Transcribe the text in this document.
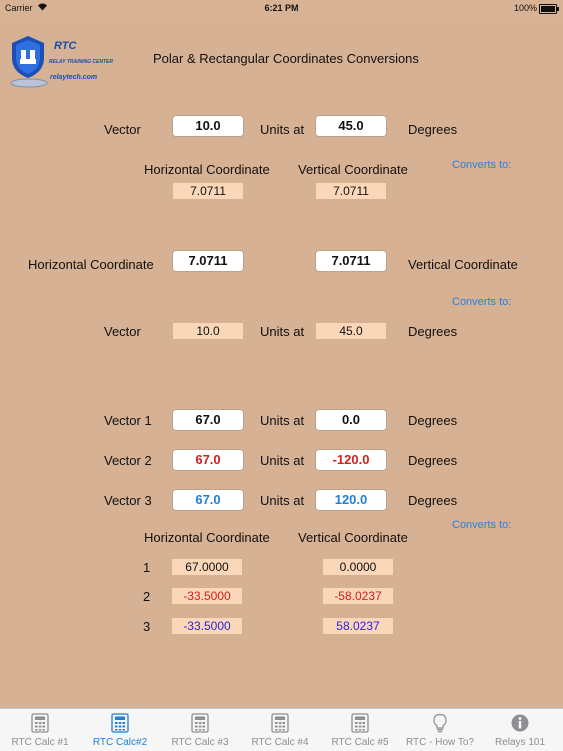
Carrier	6:21 PM	100%
RTC
RELAY TRAINING CENTER
relaytech.com
Polar & Rectangular Coordinates Conversions
Vector	10.0	Units at	45.0	Degrees
Converts to:
Horizontal Coordinate Vertical Coordinate
7.0711	7.0711
Horizontal Coordinate	7.0711	7.0711	Vertical Coordinate
Converts to:
Vector	10.0	Units at	45.0	Degrees
Vector 1	67.0	Units at	0.0	Degrees
Vector 2	67.0	Units at	-120.0	Degrees
Vector 3	67.0	Units at	120.0	Degrees
Converts to:
Horizontal Coordinate Vertical Coordinate
1	67.0000	0.0000
2	-33.5000	-58.0237
3	-33.5000	58.0237
RTC Calc #1	RTC Calc#2	RTC Calc #3	RTC Calc #4	RTC Calc #5	RTC - How To?	Relays 101
